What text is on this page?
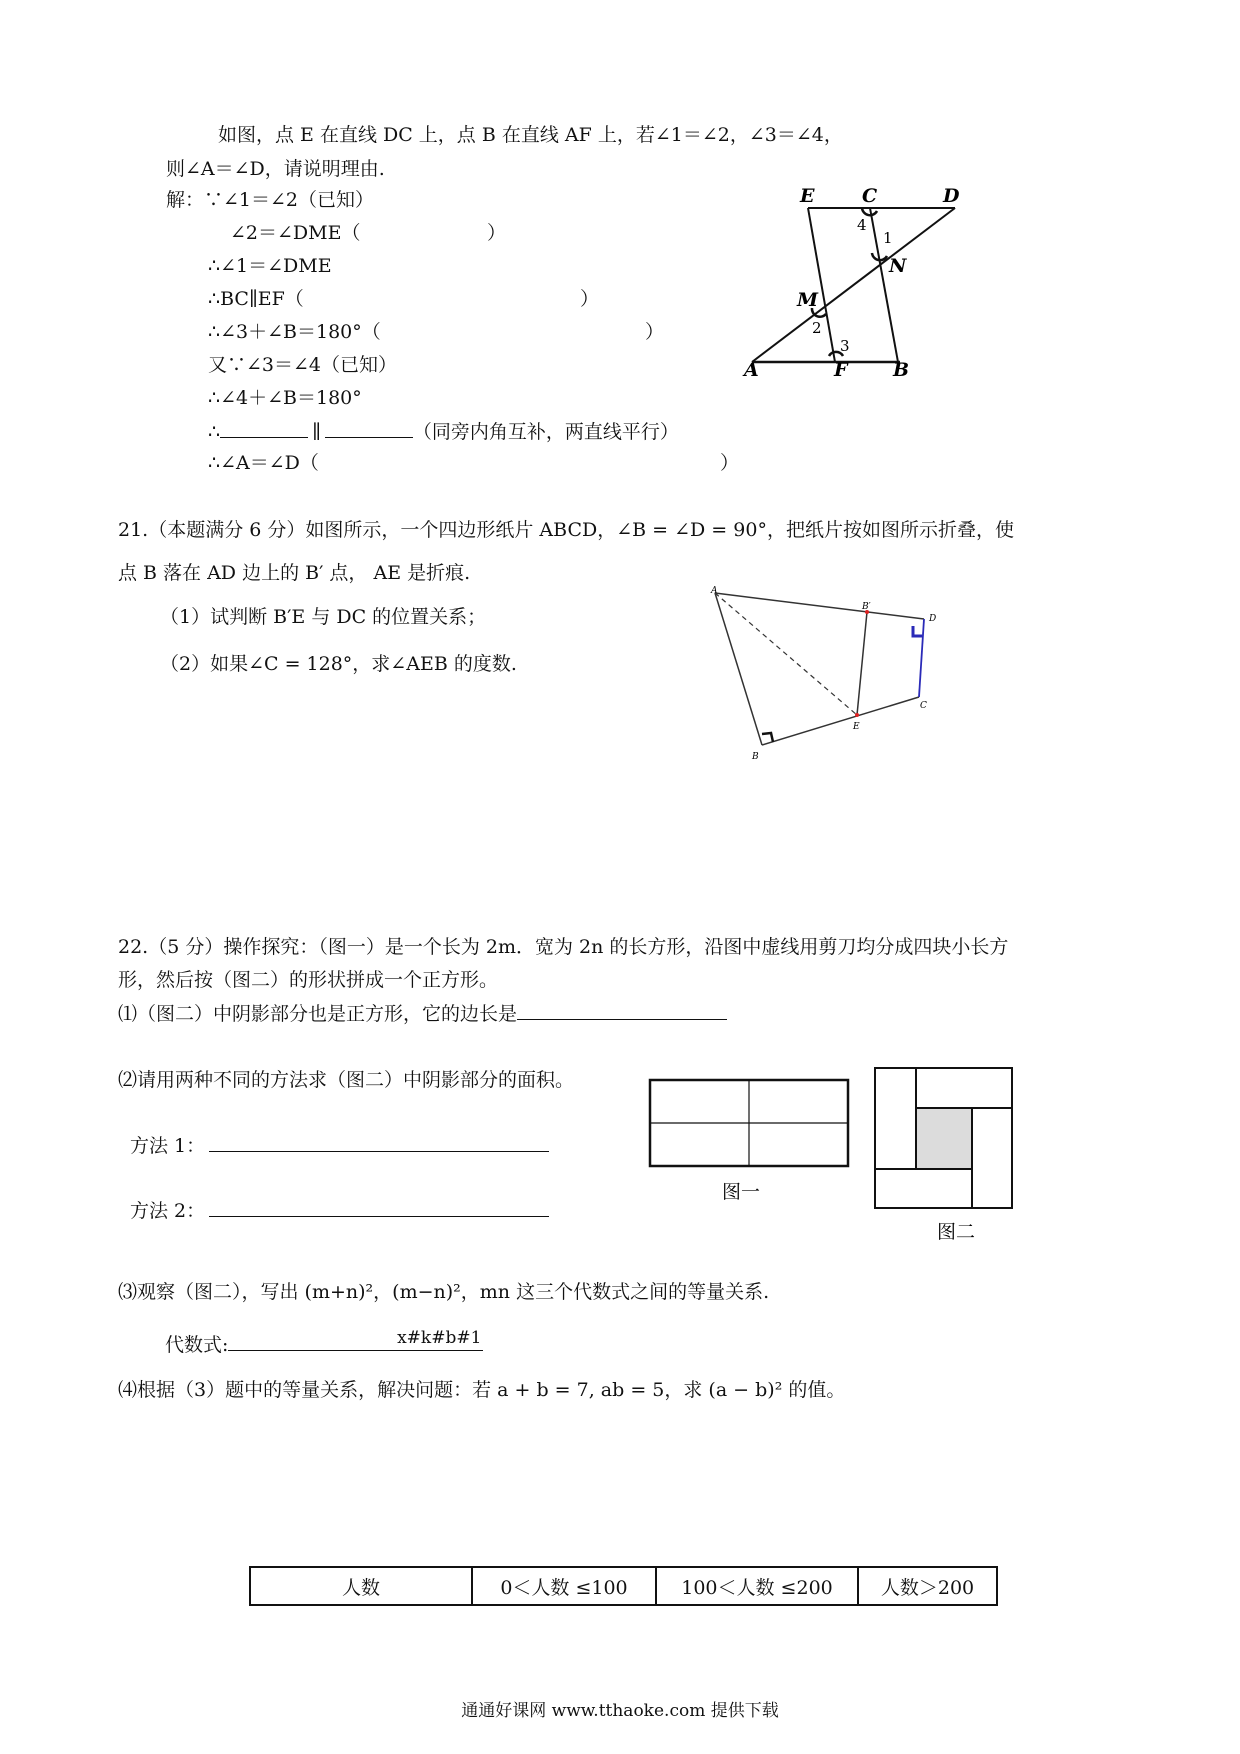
如图，点 E 在直线 DC 上，点 B 在直线 AF 上，若∠1＝∠2，∠3＝∠4，
则∠A＝∠D，请说明理由.
解：∵∠1＝∠2（已知）
∠2＝∠DME（	）
∴∠1＝∠DME
∴BC∥EF（	）
∴∠3＋∠B＝180°（	）
又∵∠3＝∠4（已知）
∴∠4＋∠B＝180°
∴	∥	（同旁内角互补，两直线平行）
∴∠A＝∠D（	）
E	C	D
M
N
A	F B
1
2
3
4
21.（本题满分 6 分）如图所示，一个四边形纸片 ABCD，∠B = ∠D = 90°，把纸片按如图所示折叠，使
点 B 落在 AD 边上的 B′ 点， AE 是折痕.
（1）试判断 B′E 与 DC 的位置关系；
（2）如果∠C = 128°，求∠AEB 的度数.
A
B′
D
C
E
B
22.（5 分）操作探究：（图一）是一个长为 2m．宽为 2n 的长方形，沿图中虚线用剪刀均分成四块小长方
形，然后按（图二）的形状拼成一个正方形。
⑴（图二）中阴影部分也是正方形，它的边长是
⑵请用两种不同的方法求（图二）中阴影部分的面积。
方法 1：
方法 2：
图一
图二
⑶观察（图二），写出 (m+n)²，(m−n)²，mn 这三个代数式之间的等量关系.
代数式:	x#k#b#1
⑷根据（3）题中的等量关系，解决问题：若 a + b = 7, ab = 5，求 (a − b)² 的值。
人数	0＜人数 ≤100	100＜人数 ≤200	人数＞200
通通好课网 www.tthaoke.com 提供下载
